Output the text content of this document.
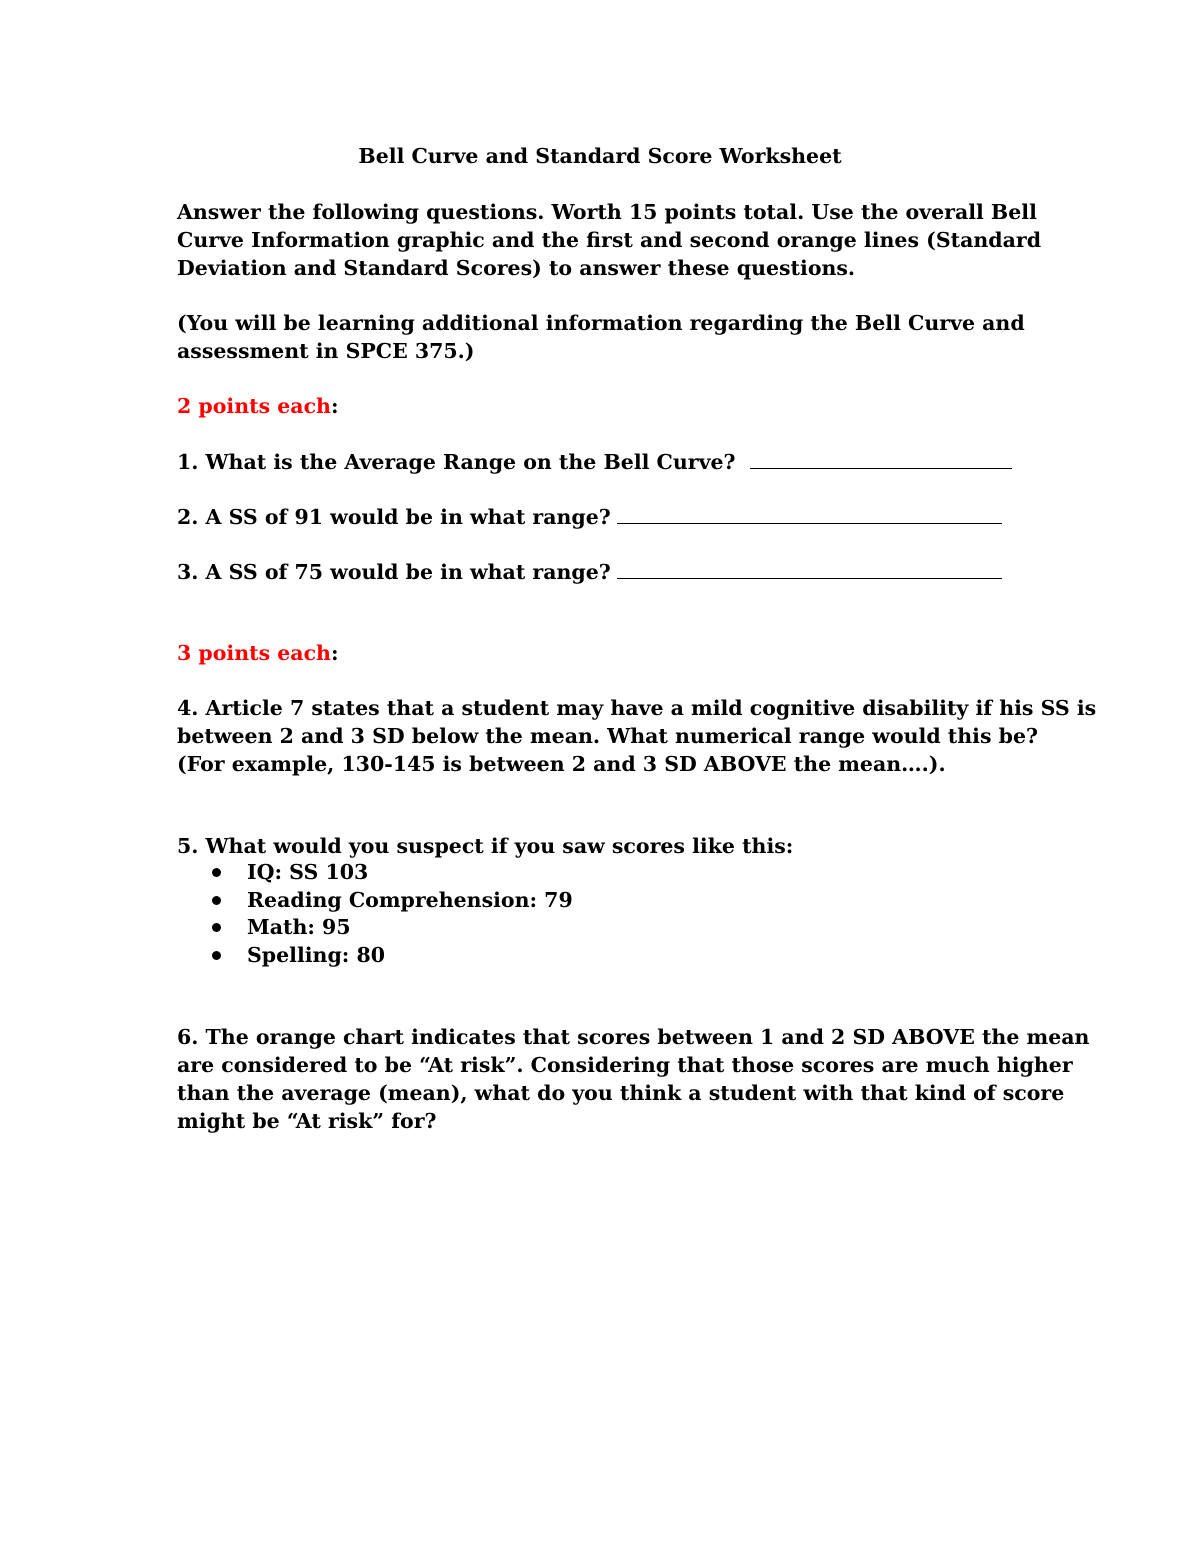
Bell Curve and Standard Score Worksheet
Answer the following questions. Worth 15 points total. Use the overall Bell
Curve Information graphic and the first and second orange lines (Standard
Deviation and Standard Scores) to answer these questions.
(You will be learning additional information regarding the Bell Curve and
assessment in SPCE 375.)
2 points each:
1. What is the Average Range on the Bell Curve?
2. A SS of 91 would be in what range?
3. A SS of 75 would be in what range?
3 points each:
4. Article 7 states that a student may have a mild cognitive disability if his SS is
between 2 and 3 SD below the mean. What numerical range would this be?
(For example, 130-145 is between 2 and 3 SD ABOVE the mean….).
5. What would you suspect if you saw scores like this:
IQ: SS 103
Reading Comprehension: 79
Math: 95
Spelling: 80
6. The orange chart indicates that scores between 1 and 2 SD ABOVE the mean
are considered to be “At risk”. Considering that those scores are much higher
than the average (mean), what do you think a student with that kind of score
might be “At risk” for?
